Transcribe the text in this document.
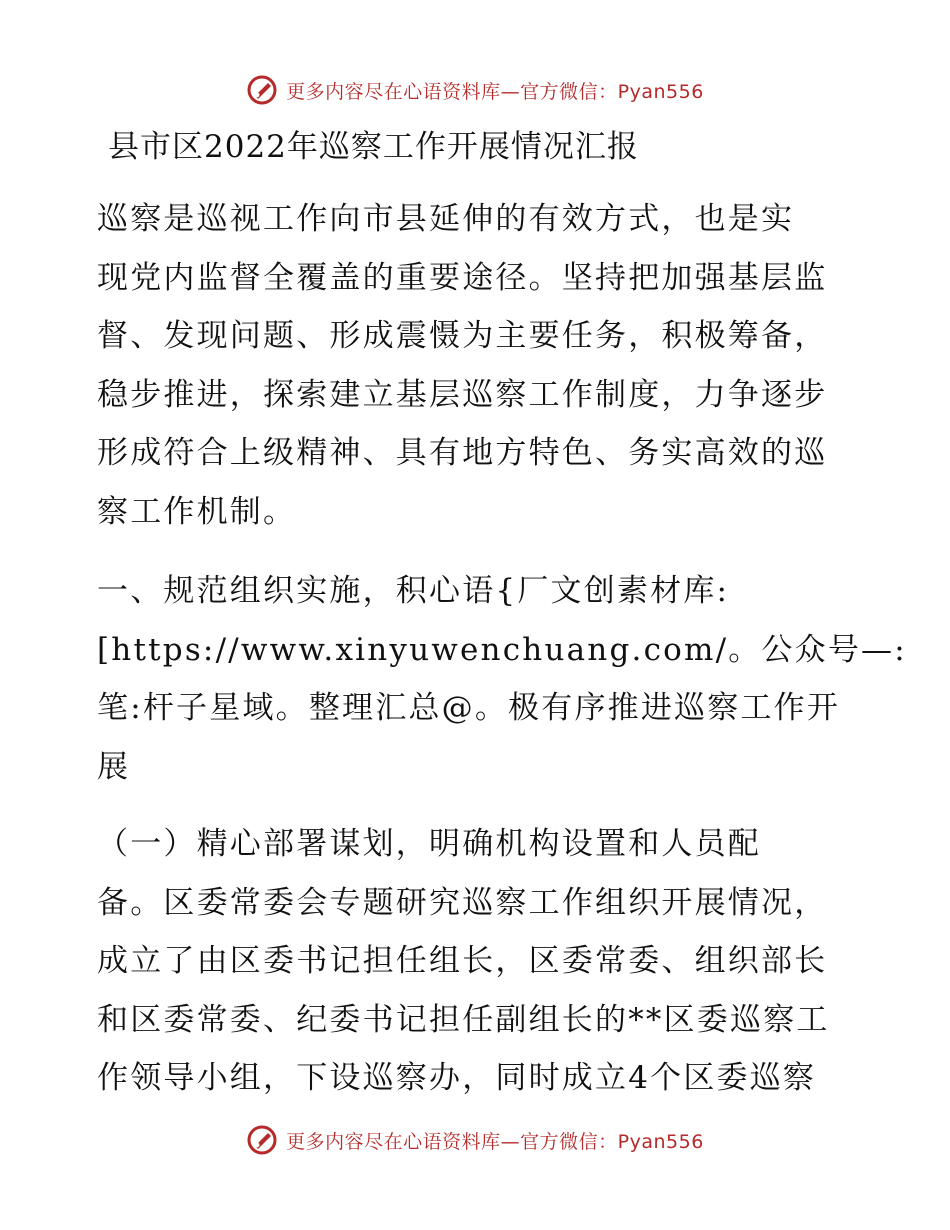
更多内容尽在心语资料库—官方微信：Pyan556
县市区2022年巡察工作开展情况汇报
巡察是巡视工作向市县延伸的有效方式，也是实
现党内监督全覆盖的重要途径。坚持把加强基层监
督、发现问题、形成震慑为主要任务，积极筹备，
稳步推进，探索建立基层巡察工作制度，力争逐步
形成符合上级精神、具有地方特色、务实高效的巡
察工作机制。
一、规范组织实施，积心语{厂文创素材库:
[https://www.xinyuwenchuang.com/。公众号—:
笔:杆子星域。整理汇总@。极有序推进巡察工作开
展
（一）精心部署谋划，明确机构设置和人员配
备。区委常委会专题研究巡察工作组织开展情况，
成立了由区委书记担任组长，区委常委、组织部长
和区委常委、纪委书记担任副组长的**区委巡察工
作领导小组，下设巡察办，同时成立4个区委巡察
更多内容尽在心语资料库—官方微信：Pyan556
